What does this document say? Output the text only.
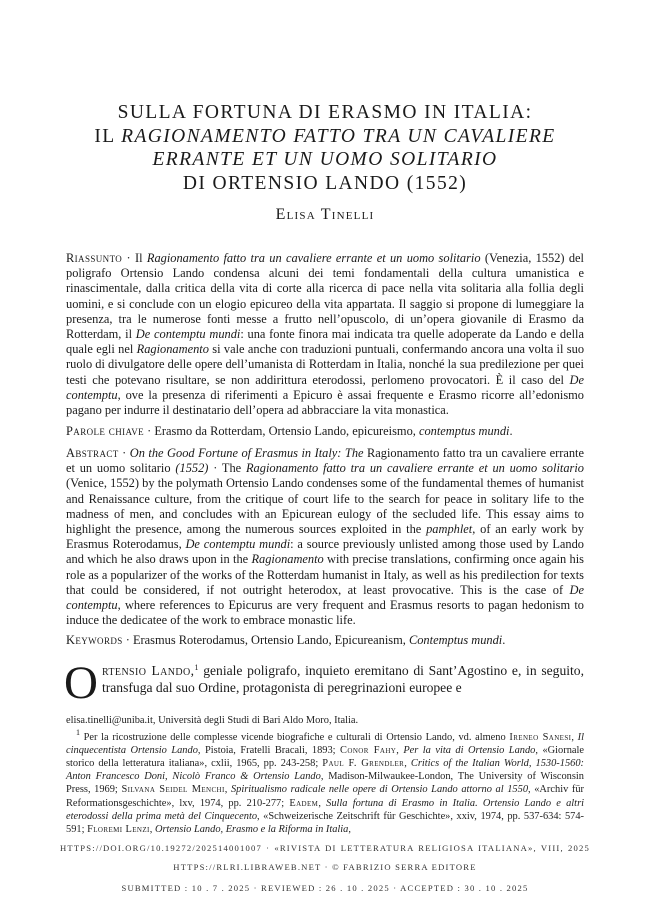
SULLA FORTUNA DI ERASMO IN ITALIA:
IL RAGIONAMENTO FATTO TRA UN CAVALIERE
ERRANTE ET UN UOMO SOLITARIO
DI ORTENSIO LANDO (1552)
Elisa Tinelli
Riassunto · Il Ragionamento fatto tra un cavaliere errante et un uomo solitario (Venezia, 1552) del poligrafo Ortensio Lando condensa alcuni dei temi fondamentali della cultura umanistica e rinascimentale, dalla critica della vita di corte alla ricerca di pace nella vita solitaria alla follia degli uomini, e si conclude con un elogio epicureo della vita appartata. Il saggio si propone di lumeggiare la presenza, tra le numerose fonti messe a frutto nell’opuscolo, di un’opera giovanile di Erasmo da Rotterdam, il De contemptu mundi: una fonte finora mai indicata tra quelle adoperate da Lando e della quale egli nel Ragionamento si vale anche con traduzioni puntuali, confermando ancora una volta il suo ruolo di divulgatore delle opere dell’umanista di Rotterdam in Italia, nonché la sua predilezione per quei testi che potevano risultare, se non addirittura eterodossi, perlomeno provocatori. È il caso del De contemptu, ove la presenza di riferimenti a Epicuro è assai frequente e Erasmo ricorre all’edonismo pagano per indurre il destinatario dell’opera ad abbracciare la vita monastica.
Parole chiave · Erasmo da Rotterdam, Ortensio Lando, epicureismo, contemptus mundi.
Abstract · On the Good Fortune of Erasmus in Italy: The Ragionamento fatto tra un cavaliere errante et un uomo solitario (1552) · The Ragionamento fatto tra un cavaliere errante et un uomo solitario (Venice, 1552) by the polymath Ortensio Lando condenses some of the fundamental themes of humanist and Renaissance culture, from the critique of court life to the search for peace in solitary life to the madness of men, and concludes with an Epicurean eulogy of the secluded life. This essay aims to highlight the presence, among the numerous sources exploited in the pamphlet, of an early work by Erasmus Roterodamus, De contemptu mundi: a source previously unlisted among those used by Lando and which he also draws upon in the Ragionamento with precise translations, confirming once again his role as a popularizer of the works of the Rotterdam humanist in Italy, as well as his predilection for texts that could be considered, if not outright heterodox, at least provocative. This is the case of De contemptu, where references to Epicurus are very frequent and Erasmus resorts to pagan hedonism to induce the dedicatee of the work to embrace monastic life.
Keywords · Erasmus Roterodamus, Ortensio Lando, Epicureanism, Contemptus mundi.
Ortensio Lando,$^1$ geniale poligrafo, inquieto eremitano di Sant’Agostino e, in seguito, transfuga dal suo Ordine, protagonista di peregrinazioni europee e

elisa.tinelli@uniba.it, Università degli Studi di Bari Aldo Moro, Italia.

$^1$ Per la ricostruzione delle complesse vicende biografiche e culturali di Ortensio Lando, vd. almeno Ireneo Sanesi, Il cinquecentista Ortensio Lando, Pistoia, Fratelli Bracali, 1893; Conor Fahy, Per la vita di Ortensio Lando, «Giornale storico della letteratura italiana», cxlii, 1965, pp. 243-258; Paul F. Grendler, Critics of the Italian World, 1530-1560: Anton Francesco Doni, Nicolò Franco & Ortensio Lando, Madison-Milwaukee-London, The University of Wisconsin Press, 1969; Silvana Seidel Menchi, Spiritualismo radicale nelle opere di Ortensio Lando attorno al 1550, «Archiv für Reformationsgeschichte», lxv, 1974, pp. 210-277; Eadem, Sulla fortuna di Erasmo in Italia. Ortensio Lando e altri eterodossi della prima metà del Cinquecento, «Schweizerische Zeitschrift für Geschichte», xxiv, 1974, pp. 537-634: 574-591; Floremi Lenzi, Ortensio Lando, Erasmo e la Riforma in Italia,

HTTPS://DOI.ORG/10.19272/202514001007 · «RIVISTA DI LETTERATURA RELIGIOSA ITALIANA», VIII, 2025
HTTPS://RLRI.LIBRAWEB.NET · © FABRIZIO SERRA EDITORE
SUBMITTED : 10 . 7 . 2025 · REVIEWED : 26 . 10 . 2025 · ACCEPTED : 30 . 10 . 2025
